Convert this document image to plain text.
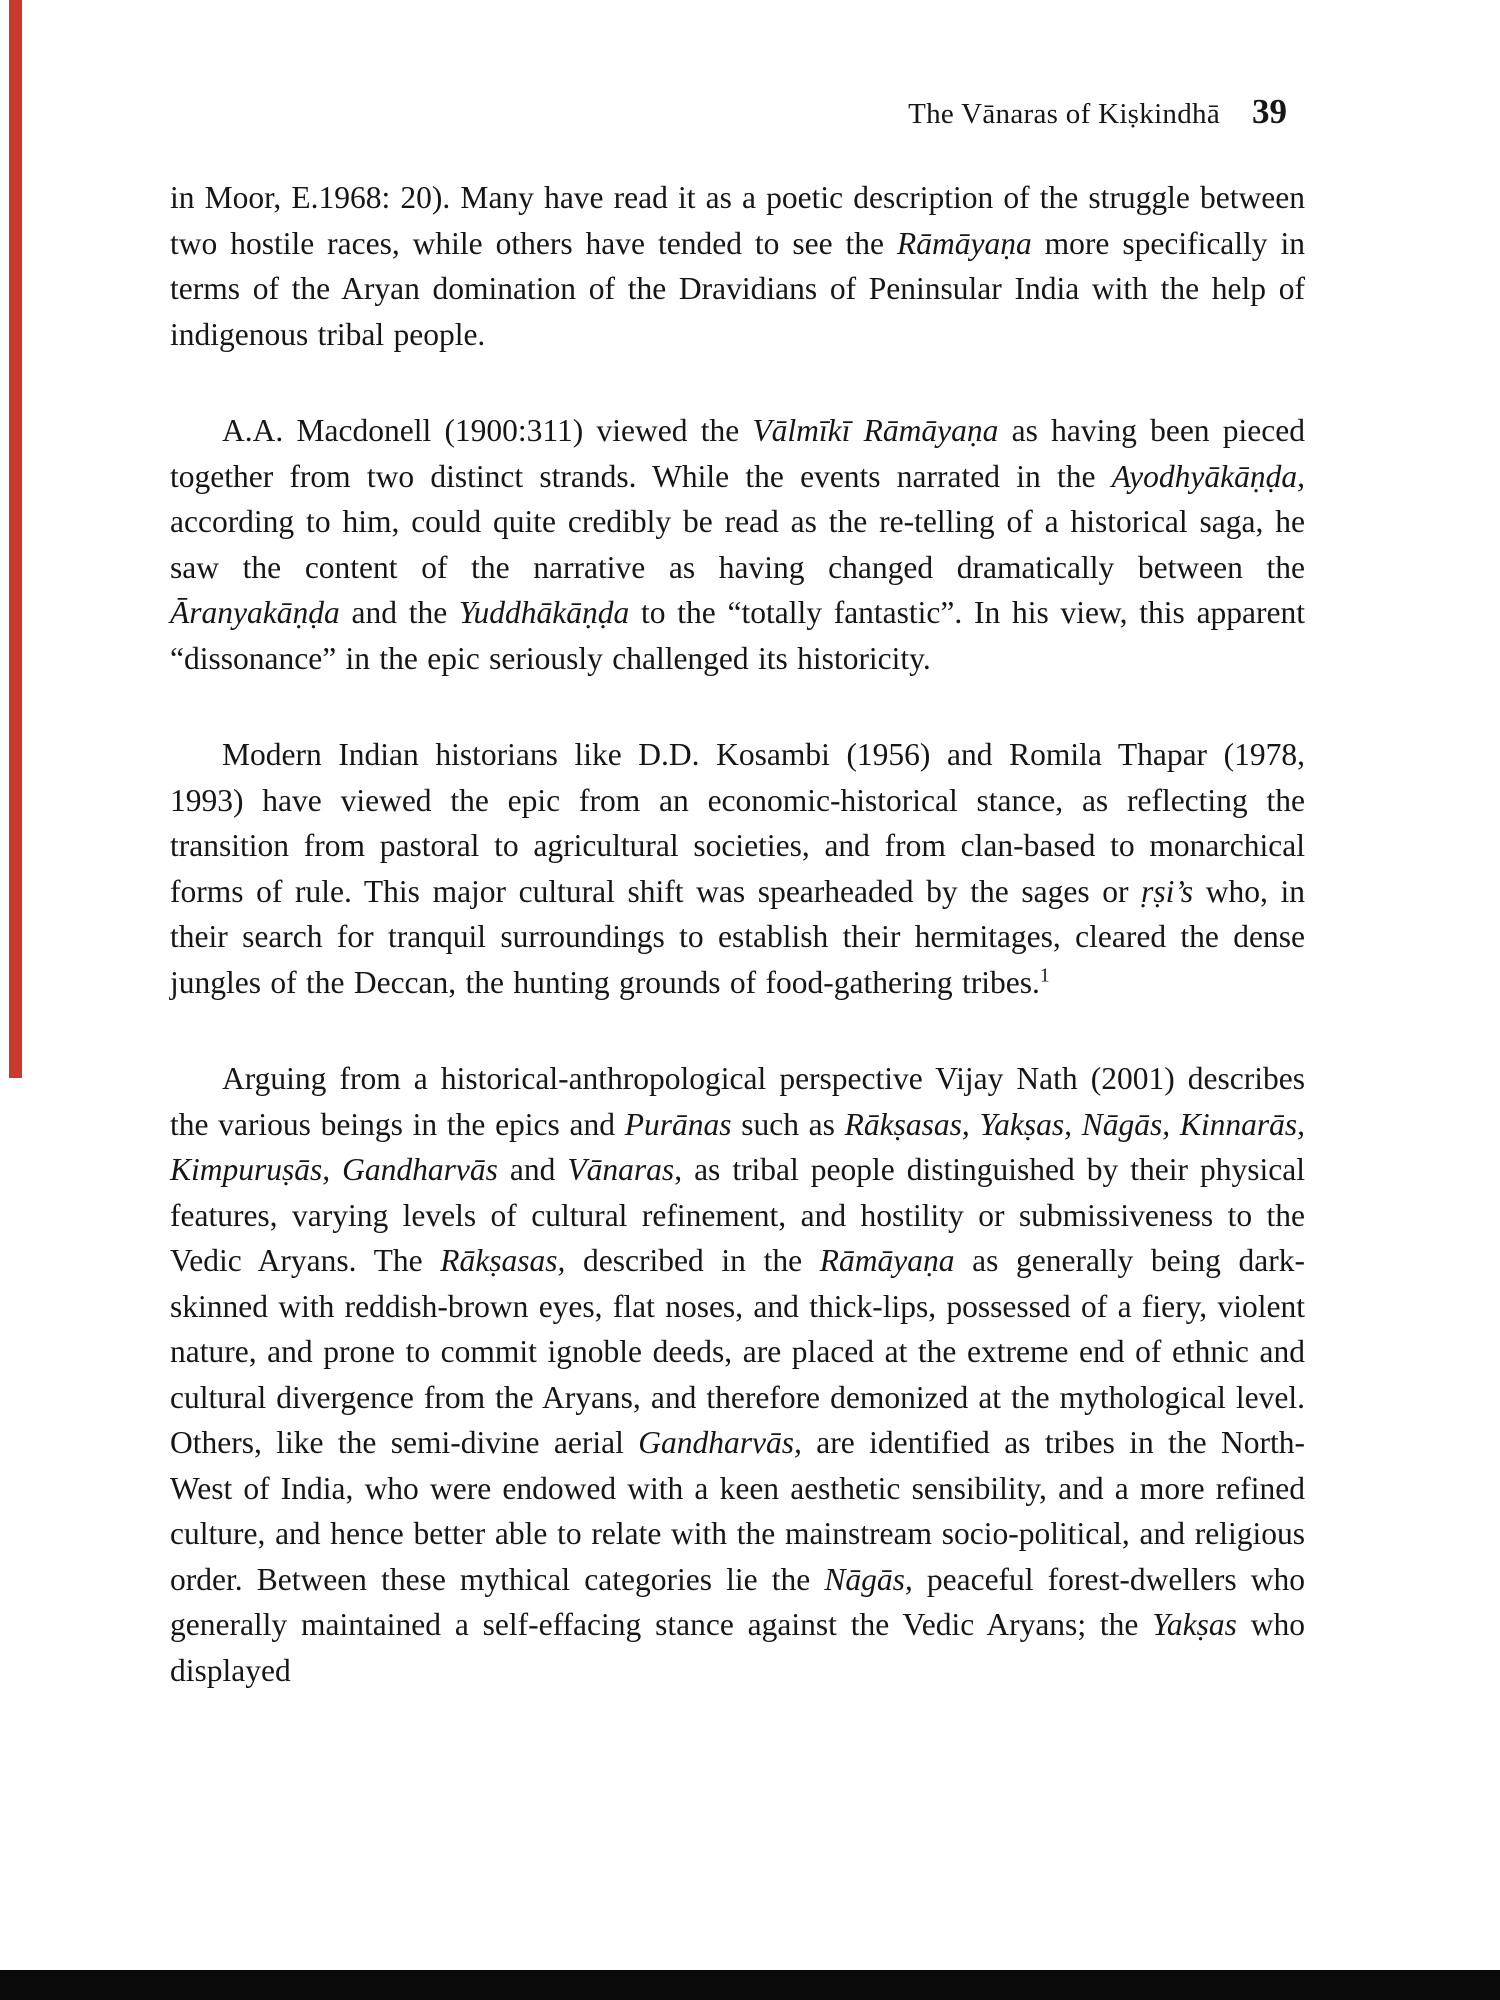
The Vānaras of Kiṣkindhā 39

in Moor, E.1968: 20). Many have read it as a poetic description of the struggle between two hostile races, while others have tended to see the Rāmāyaṇa more specifically in terms of the Aryan domination of the Dravidians of Peninsular India with the help of indigenous tribal people.

A.A. Macdonell (1900:311) viewed the Vālmīkī Rāmāyaṇa as having been pieced together from two distinct strands. While the events narrated in the Ayodhyākāṇḍa, according to him, could quite credibly be read as the re-telling of a historical saga, he saw the content of the narrative as having changed dramatically between the Āranyakāṇḍa and the Yuddhākāṇḍa to the “totally fantastic”. In his view, this apparent “dissonance” in the epic seriously challenged its historicity.

Modern Indian historians like D.D. Kosambi (1956) and Romila Thapar (1978, 1993) have viewed the epic from an economic-historical stance, as reflecting the transition from pastoral to agricultural societies, and from clan-based to monarchical forms of rule. This major cultural shift was spearheaded by the sages or ṛṣi’s who, in their search for tranquil surroundings to establish their hermitages, cleared the dense jungles of the Deccan, the hunting grounds of food-gathering tribes.$^1$

Arguing from a historical-anthropological perspective Vijay Nath (2001) describes the various beings in the epics and Purānas such as Rākṣasas, Yakṣas, Nāgās, Kinnarās, Kimpuruṣās, Gandharvās and Vānaras, as tribal people distinguished by their physical features, varying levels of cultural refinement, and hostility or submissiveness to the Vedic Aryans. The Rākṣasas, described in the Rāmāyaṇa as generally being dark-skinned with reddish-brown eyes, flat noses, and thick-lips, possessed of a fiery, violent nature, and prone to commit ignoble deeds, are placed at the extreme end of ethnic and cultural divergence from the Aryans, and therefore demonized at the mythological level. Others, like the semi-divine aerial Gandharvās, are identified as tribes in the North-West of India, who were endowed with a keen aesthetic sensibility, and a more refined culture, and hence better able to relate with the mainstream socio-political, and religious order. Between these mythical categories lie the Nāgās, peaceful forest-dwellers who generally maintained a self-effacing stance against the Vedic Aryans; the Yakṣas who displayed
